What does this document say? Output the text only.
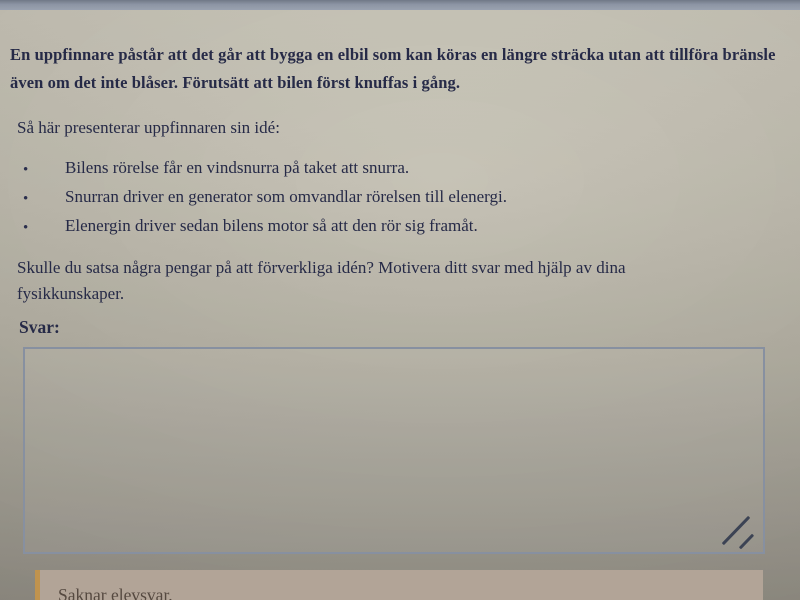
En uppfinnare påstår att det går att bygga en elbil som kan köras en längre sträcka utan att tillföra bränsle även om det inte blåser. Förutsätt att bilen först knuffas i gång.

Så här presenterar uppfinnaren sin idé:

• Bilens rörelse får en vindsnurra på taket att snurra.
• Snurran driver en generator som omvandlar rörelsen till elenergi.
• Elenergin driver sedan bilens motor så att den rör sig framåt.

Skulle du satsa några pengar på att förverkliga idén? Motivera ditt svar med hjälp av dina fysikkunskaper.

Svar:

Saknar elevsvar.
